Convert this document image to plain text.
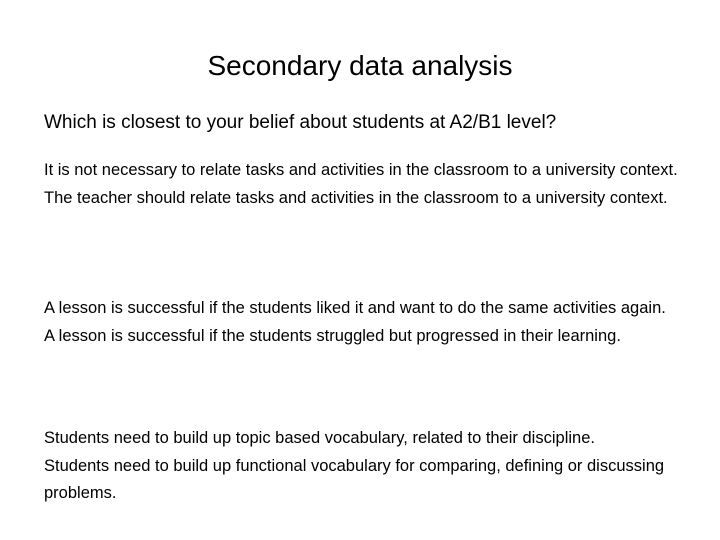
Secondary data analysis

Which is closest to your belief about students at A2/B1 level?

It is not necessary to relate tasks and activities in the classroom to a university context.
The teacher should relate tasks and activities in the classroom to a university context.
A lesson is successful if the students liked it and want to do the same activities again.
A lesson is successful if the students struggled but progressed in their learning.
Students need to build up topic based vocabulary, related to their discipline.
Students need to build up functional vocabulary for comparing, defining or discussing problems.
